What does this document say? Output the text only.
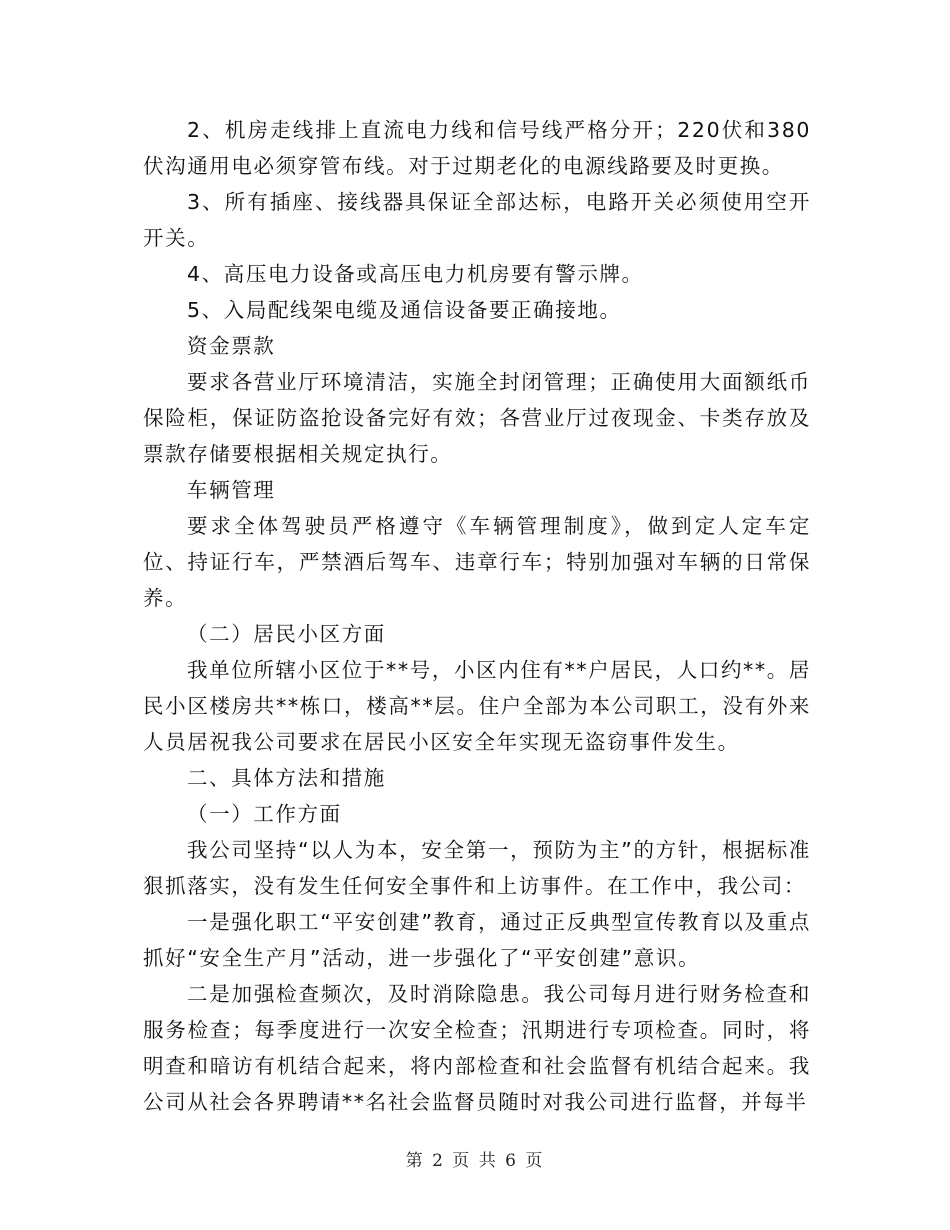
2、机房走线排上直流电力线和信号线严格分开；220伏和380伏沟通用电必须穿管布线。对于过期老化的电源线路要及时更换。

3、所有插座、接线器具保证全部达标，电路开关必须使用空开开关。

4、高压电力设备或高压电力机房要有警示牌。

5、入局配线架电缆及通信设备要正确接地。

资金票款

要求各营业厅环境清洁，实施全封闭管理；正确使用大面额纸币保险柜，保证防盗抢设备完好有效；各营业厅过夜现金、卡类存放及票款存储要根据相关规定执行。

车辆管理

要求全体驾驶员严格遵守《车辆管理制度》，做到定人定车定位、持证行车，严禁酒后驾车、违章行车；特别加强对车辆的日常保养。

（二）居民小区方面

我单位所辖小区位于**号，小区内住有**户居民，人口约**。居民小区楼房共**栋口，楼高**层。住户全部为本公司职工，没有外来人员居祝我公司要求在居民小区安全年实现无盗窃事件发生。

二、具体方法和措施

（一）工作方面

我公司坚持“以人为本，安全第一，预防为主”的方针，根据标准狠抓落实，没有发生任何安全事件和上访事件。在工作中，我公司：

一是强化职工“平安创建”教育，通过正反典型宣传教育以及重点抓好“安全生产月”活动，进一步强化了“平安创建”意识。

二是加强检查频次，及时消除隐患。我公司每月进行财务检查和服务检查；每季度进行一次安全检查；汛期进行专项检查。同时，将明查和暗访有机结合起来，将内部检查和社会监督有机结合起来。我公司从社会各界聘请**名社会监督员随时对我公司进行监督，并每半

第 2 页 共 6 页
